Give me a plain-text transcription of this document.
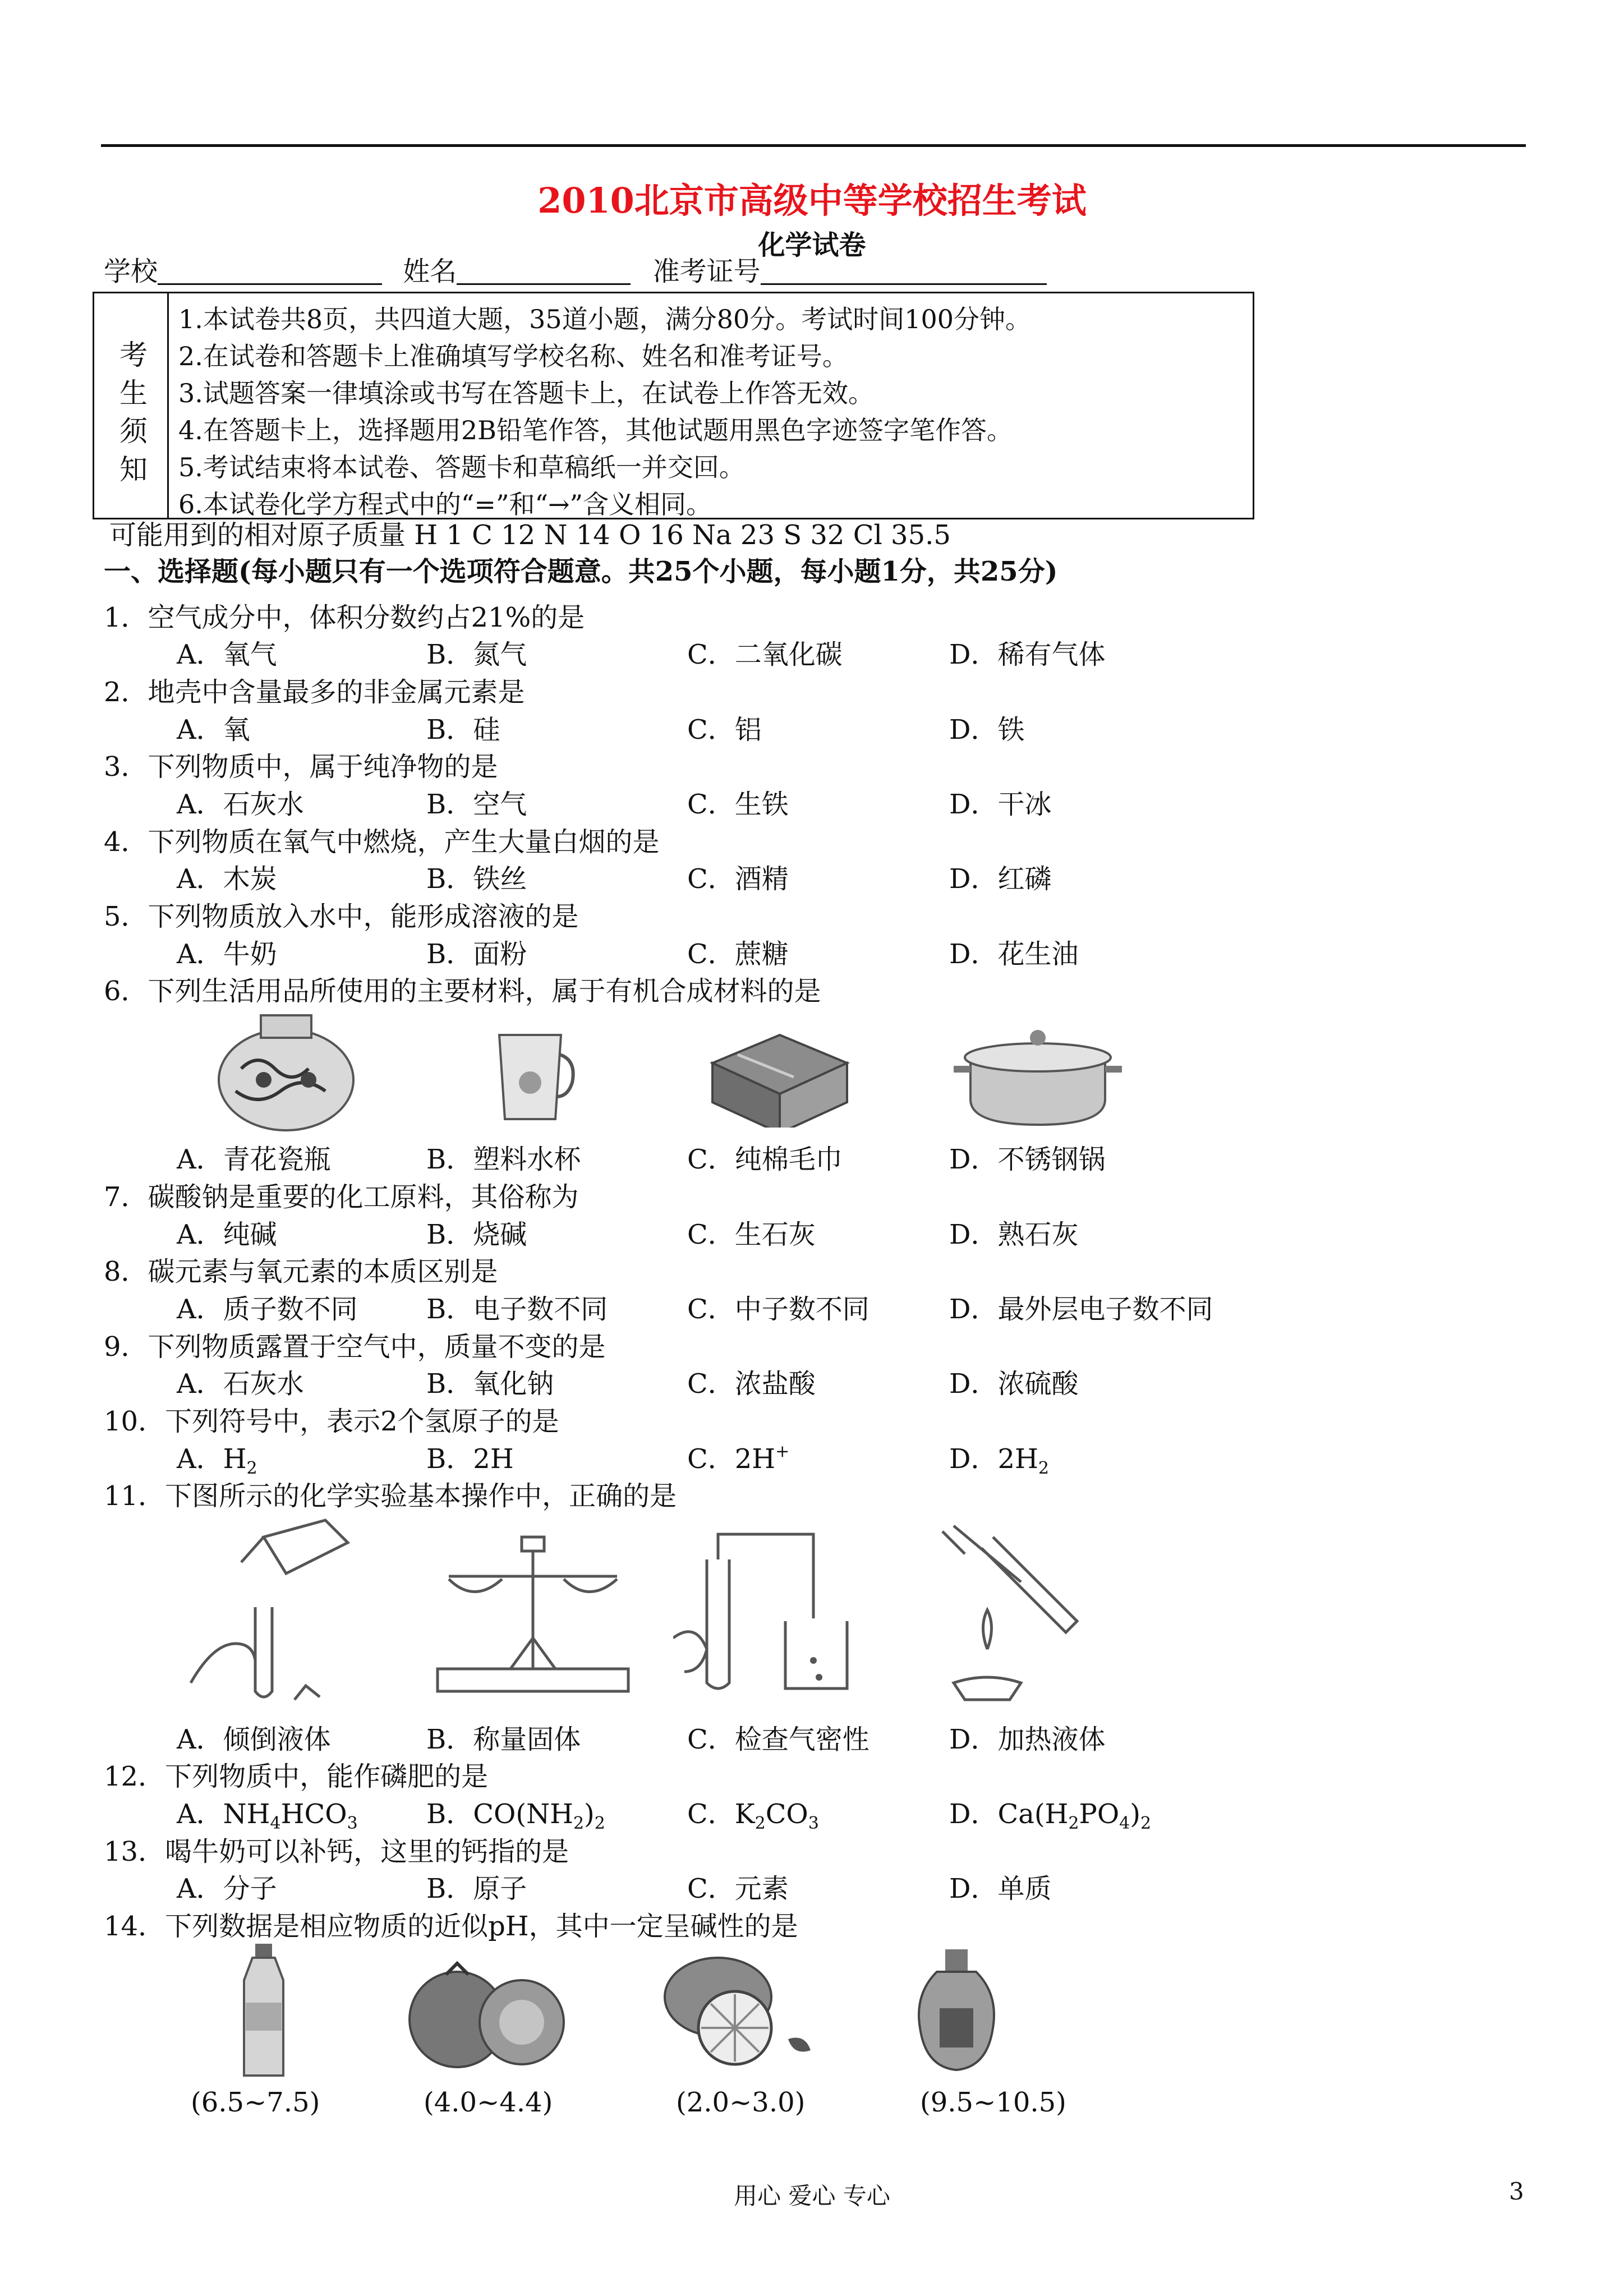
2010北京市高级中等学校招生考试
化学试卷
学校	姓名	准考证号
考
生
须
知
1.本试卷共8页，共四道大题，35道小题，满分80分。考试时间100分钟。
2.在试卷和答题卡上准确填写学校名称、姓名和准考证号。
3.试题答案一律填涂或书写在答题卡上，在试卷上作答无效。
4.在答题卡上，选择题用2B铅笔作答，其他试题用黑色字迹签字笔作答。
5.考试结束将本试卷、答题卡和草稿纸一并交回。
6.本试卷化学方程式中的“=”和“→”含义相同。
可能用到的相对原子质量 H 1 C 12 N 14 O 16 Na 23 S 32 Cl 35.5
一、选择题(每小题只有一个选项符合题意。共25个小题，每小题1分，共25分)
1．空气成分中，体积分数约占21%的是
A．氧气	B．氮气	C．二氧化碳	D．稀有气体
2．地壳中含量最多的非金属元素是
A．氧	B．硅	C．铝	D．铁
3．下列物质中，属于纯净物的是
A．石灰水	B．空气	C．生铁	D．干冰
4．下列物质在氧气中燃烧，产生大量白烟的是
A．木炭	B．铁丝	C．酒精	D．红磷
5．下列物质放入水中，能形成溶液的是
A．牛奶	B．面粉	C．蔗糖	D．花生油
6．下列生活用品所使用的主要材料，属于有机合成材料的是
A．青花瓷瓶	B．塑料水杯	C．纯棉毛巾	D．不锈钢锅
7．碳酸钠是重要的化工原料，其俗称为
A．纯碱	B．烧碱	C．生石灰	D．熟石灰
8．碳元素与氧元素的本质区别是
A．质子数不同	B．电子数不同	C．中子数不同	D．最外层电子数不同
9．下列物质露置于空气中，质量不变的是
A．石灰水	B．氧化钠	C．浓盐酸	D．浓硫酸
10．下列符号中，表示2个氢原子的是
A．$H_2$	B．2H	C．2H+	D．$2H_2$
11．下图所示的化学实验基本操作中，正确的是
A．倾倒液体	B．称量固体	C．检查气密性	D．加热液体
12．下列物质中，能作磷肥的是
A．$NH_4HCO_3$	B．$CO(NH_2)_2$	C．$K_2CO_3$	D．$Ca(H_2PO_4)_2$
13．喝牛奶可以补钙，这里的钙指的是
A．分子	B．原子	C．元素	D．单质
14．下列数据是相应物质的近似pH，其中一定呈碱性的是
(6.5~7.5)	(4.0~4.4)	(2.0~3.0)	(9.5~10.5)
用心 爱心 专心	3
